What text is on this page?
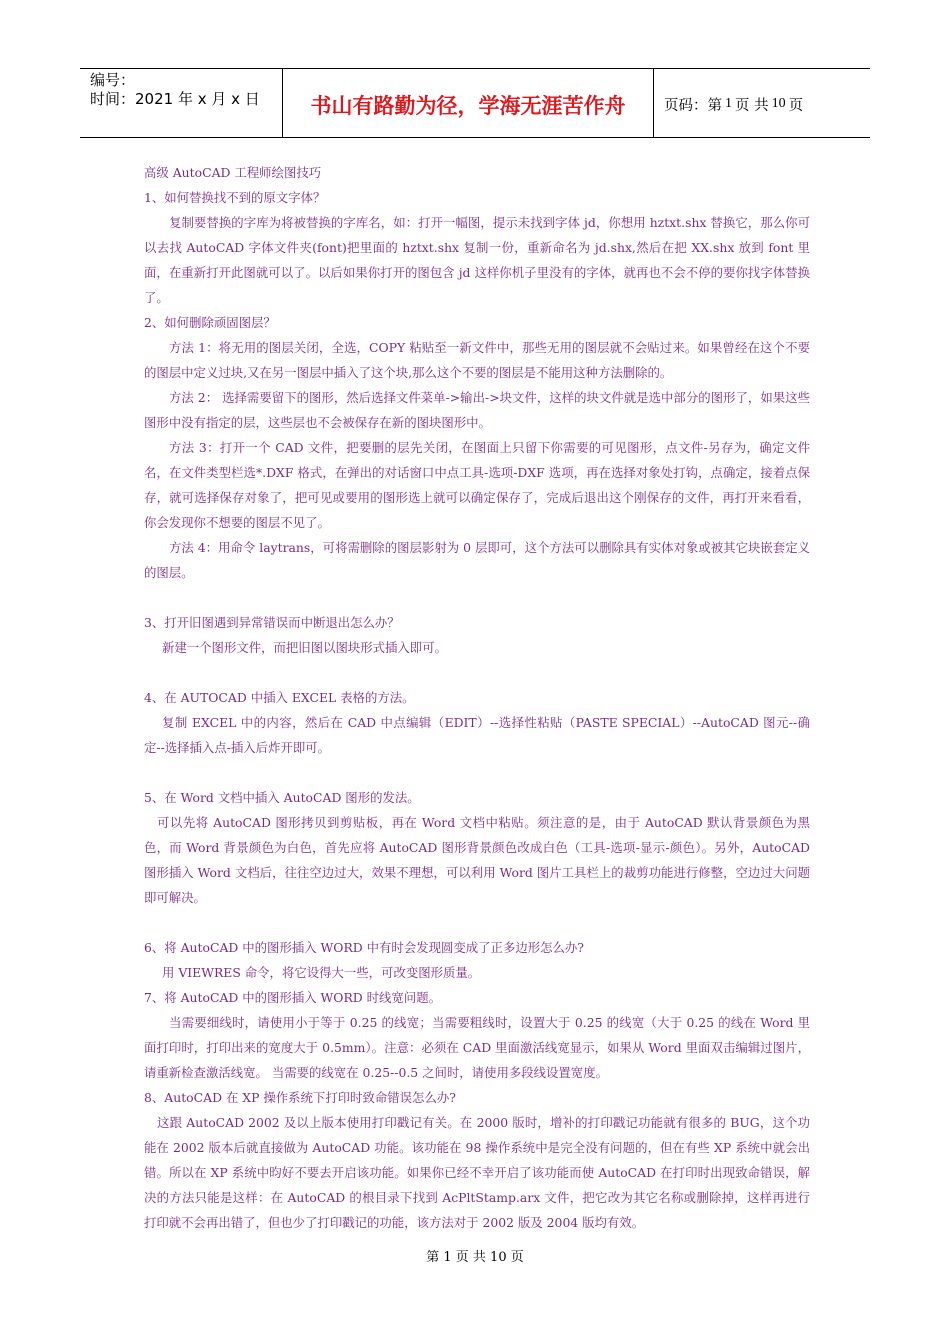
编号：
时间：2021 年 x 月 x 日	书山有路勤为径，学海无涯苦作舟	页码：第 1 页 共 10 页

高级 AutoCAD 工程师绘图技巧

1、如何替换找不到的原文字体？

复制要替换的字库为将被替换的字库名，如：打开一幅图，提示未找到字体 jd，你想用 hztxt.shx 替换它，那么你可以去找 AutoCAD 字体文件夹(font)把里面的 hztxt.shx 复制一份，重新命名为 jd.shx,然后在把 XX.shx 放到 font 里面，在重新打开此图就可以了。以后如果你打开的图包含 jd 这样你机子里没有的字体，就再也不会不停的要你找字体替换了。

2、如何删除顽固图层？

方法 1：将无用的图层关闭，全选，COPY 粘贴至一新文件中，那些无用的图层就不会贴过来。如果曾经在这个不要的图层中定义过块,又在另一图层中插入了这个块,那么这个不要的图层是不能用这种方法删除的。

方法 2： 选择需要留下的图形，然后选择文件菜单->输出->块文件，这样的块文件就是选中部分的图形了，如果这些图形中没有指定的层，这些层也不会被保存在新的图块图形中。

方法 3：打开一个 CAD 文件，把要删的层先关闭，在图面上只留下你需要的可见图形，点文件-另存为，确定文件名，在文件类型栏选*.DXF 格式，在弹出的对话窗口中点工具-选项-DXF 选项，再在选择对象处打钩，点确定，接着点保存，就可选择保存对象了，把可见或要用的图形选上就可以确定保存了，完成后退出这个刚保存的文件，再打开来看看，你会发现你不想要的图层不见了。

方法 4：用命令 laytrans，可将需删除的图层影射为 0 层即可，这个方法可以删除具有实体对象或被其它块嵌套定义的图层。

3、打开旧图遇到异常错误而中断退出怎么办？

新建一个图形文件，而把旧图以图块形式插入即可。

4、在 AUTOCAD 中插入 EXCEL 表格的方法。

复制 EXCEL 中的内容，然后在 CAD 中点编辑（EDIT）--选择性粘贴（PASTE SPECIAL）--AutoCAD 图元--确定--选择插入点-插入后炸开即可。

5、在 Word 文档中插入 AutoCAD 图形的发法。

可以先将 AutoCAD 图形拷贝到剪贴板，再在 Word 文档中粘贴。须注意的是，由于 AutoCAD 默认背景颜色为黑色，而 Word 背景颜色为白色，首先应将 AutoCAD 图形背景颜色改成白色（工具-选项-显示-颜色）。另外，AutoCAD 图形插入 Word 文档后，往往空边过大，效果不理想，可以利用 Word 图片工具栏上的裁剪功能进行修整，空边过大问题即可解决。

6、将 AutoCAD 中的图形插入 WORD 中有时会发现圆变成了正多边形怎么办?

用 VIEWRES 命令，将它设得大一些，可改变图形质量。

7、将 AutoCAD 中的图形插入 WORD 时线宽问题。

当需要细线时，请使用小于等于 0.25 的线宽；当需要粗线时，设置大于 0.25 的线宽（大于 0.25 的线在 Word 里面打印时，打印出来的宽度大于 0.5mm）。注意：必须在 CAD 里面激活线宽显示，如果从 Word 里面双击编辑过图片，请重新检查激活线宽。 当需要的线宽在 0.25--0.5 之间时，请使用多段线设置宽度。

8、AutoCAD 在 XP 操作系统下打印时致命错误怎么办?

这跟 AutoCAD 2002 及以上版本使用打印戳记有关。在 2000 版时，增补的打印戳记功能就有很多的 BUG，这个功能在 2002 版本后就直接做为 AutoCAD 功能。该功能在 98 操作系统中是完全没有问题的，但在有些 XP 系统中就会出错。所以在 XP 系统中昀好不要去开启该功能。如果你已经不幸开启了该功能而使 AutoCAD 在打印时出现致命错误，解决的方法只能是这样：在 AutoCAD 的根目录下找到 AcPltStamp.arx 文件，把它改为其它名称或删除掉，这样再进行打印就不会再出错了，但也少了打印戳记的功能，该方法对于 2002 版及 2004 版均有效。

第 1 页 共 10 页
